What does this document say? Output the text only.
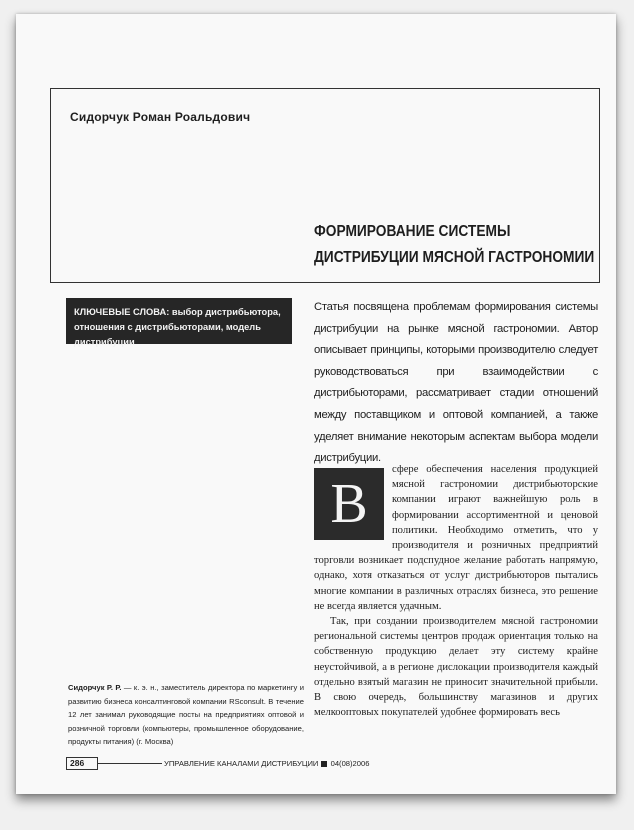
Сидорчук Роман Роальдович
ФОРМИРОВАНИЕ СИСТЕМЫ
ДИСТРИБУЦИИ МЯСНОЙ ГАСТРОНОМИИ
КЛЮЧЕВЫЕ СЛОВА: выбор дистрибьютора, отношения с дистрибьюторами, модель дистрибуции
Статья посвящена проблемам формирования системы дистрибуции на рынке мясной гастрономии. Автор описывает принципы, которыми производителю следует руководствоваться при взаимодействии с дистрибьюторами, рассматривает стадии отношений между поставщиком и оптовой компанией, а также уделяет внимание некоторым аспектам выбора модели дистрибуции.
В

сфере обеспечения населения продукцией мясной гастрономии дистрибьюторские компании играют важнейшую роль в формировании ассортиментной и ценовой политики. Необходимо отметить, что у производителя и розничных предприятий торговли возникает подспудное желание работать напрямую, однако, хотя отказаться от услуг дистрибьюторов пытались многие компании в различных отраслях бизнеса, это решение не всегда является удачным.

Так, при создании производителем мясной гастрономии региональной системы центров продаж ориентация только на собственную продукцию делает эту систему крайне неустойчивой, а в регионе дислокации производителя каждый отдельно взятый магазин не приносит значительной прибыли. В свою очередь, большинству магазинов и других мелкооптовых покупателей удобнее формировать весь

Сидорчук Р. Р. — к. э. н., заместитель директора по маркетингу и развитию бизнеса консалтинговой компании RSconsult. В течение 12 лет занимал руководящие посты на предприятиях оптовой и розничной торговли (компьютеры, промышленное оборудование, продукты питания) (г. Москва)
286	УПРАВЛЕНИЕ КАНАЛАМИ ДИСТРИБУЦИИ 04(08)2006
